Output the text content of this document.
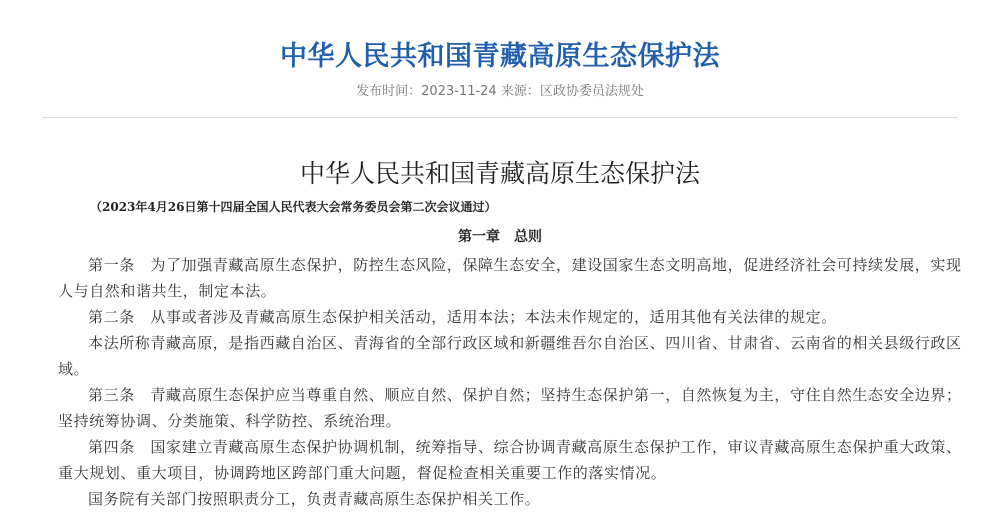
中华人民共和国青藏高原生态保护法
发布时间：2023-11-24 来源：区政协委员法规处
中华人民共和国青藏高原生态保护法
（2023年4月26日第十四届全国人民代表大会常务委员会第二次会议通过）
第一章　总则

第一条　为了加强青藏高原生态保护，防控生态风险，保障生态安全，建设国家生态文明高地，促进经济社会可持续发展，实现人与自然和谐共生，制定本法。

第二条　从事或者涉及青藏高原生态保护相关活动，适用本法；本法未作规定的，适用其他有关法律的规定。

本法所称青藏高原，是指西藏自治区、青海省的全部行政区域和新疆维吾尔自治区、四川省、甘肃省、云南省的相关县级行政区域。

第三条　青藏高原生态保护应当尊重自然、顺应自然、保护自然；坚持生态保护第一，自然恢复为主，守住自然生态安全边界；坚持统筹协调、分类施策、科学防控、系统治理。

第四条　国家建立青藏高原生态保护协调机制，统筹指导、综合协调青藏高原生态保护工作，审议青藏高原生态保护重大政策、重大规划、重大项目，协调跨地区跨部门重大问题，督促检查相关重要工作的落实情况。

国务院有关部门按照职责分工，负责青藏高原生态保护相关工作。
